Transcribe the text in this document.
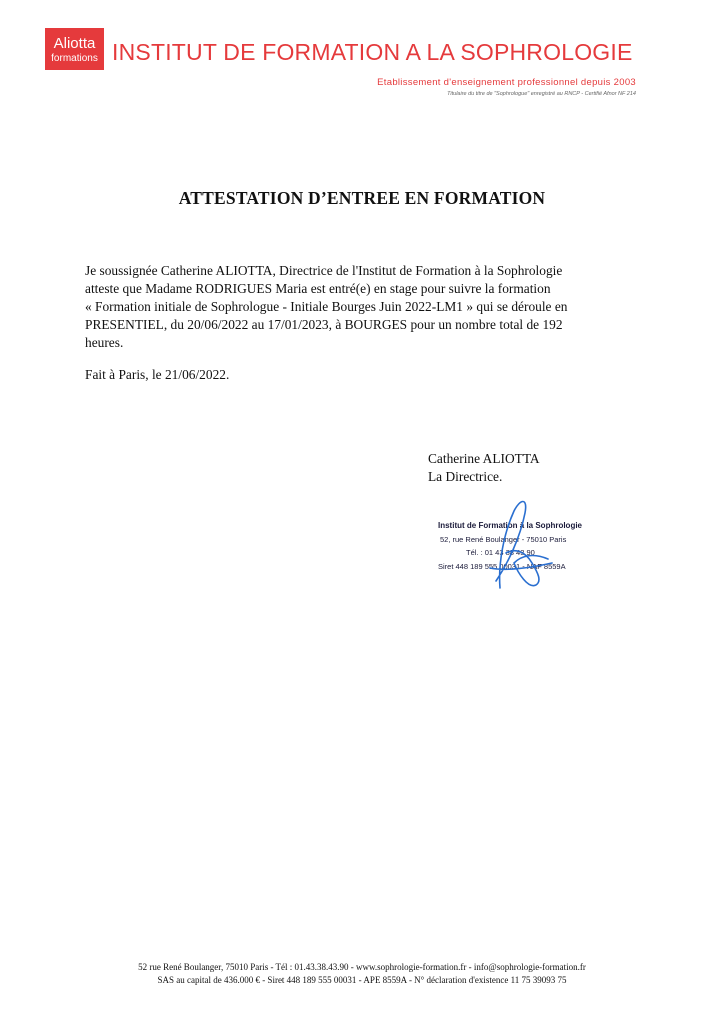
Aliotta
formations INSTITUT DE FORMATION A LA SOPHROLOGIE
Etablissement d'enseignement professionnel depuis 2003
Titulaire du titre de "Sophrologue" enregistré au RNCP - Certifié Afnor NF 214
ATTESTATION D’ENTREE EN FORMATION

Je soussignée Catherine ALIOTTA, Directrice de l'Institut de Formation à la Sophrologie
atteste que Madame RODRIGUES Maria est entré(e) en stage pour suivre la formation
« Formation initiale de Sophrologue - Initiale Bourges Juin 2022-LM1 » qui se déroule en
PRESENTIEL, du 20/06/2022 au 17/01/2023, à BOURGES pour un nombre total de 192
heures.

Fait à Paris, le 21/06/2022.
Catherine ALIOTTA
La Directrice.
Institut de Formation à la Sophrologie
52, rue René Boulanger - 75010 Paris
Tél. : 01 43 38 43 90
Siret 448 189 555 00031 - NAF 8559A
52 rue René Boulanger, 75010 Paris - Tél : 01.43.38.43.90 - www.sophrologie-formation.fr - info@sophrologie-formation.fr
SAS au capital de 436.000 € - Siret 448 189 555 00031 - APE 8559A - N° déclaration d'existence 11 75 39093 75
